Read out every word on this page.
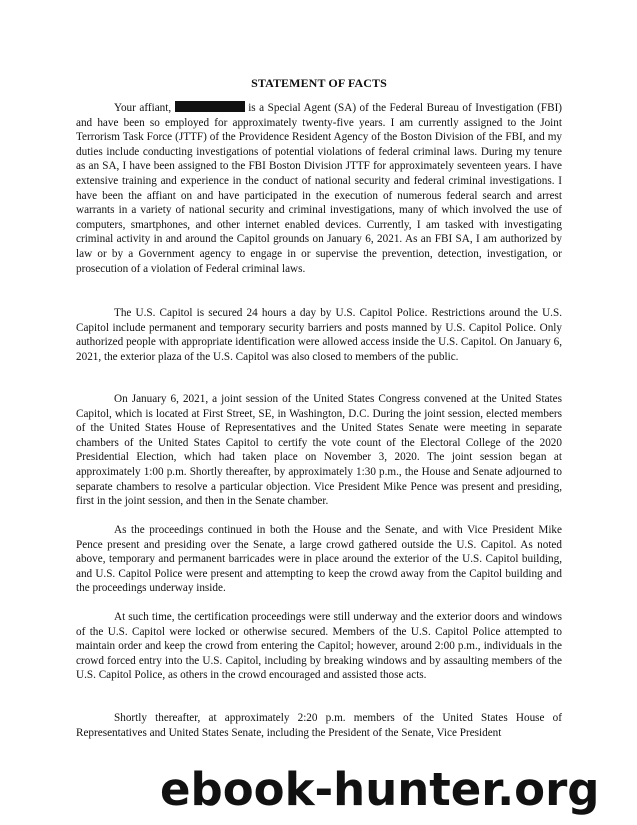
STATEMENT OF FACTS

Your affiant,	is a Special Agent (SA) of the Federal Bureau of Investigation (FBI) and have been so employed for approximately twenty-five years. I am currently assigned to the Joint Terrorism Task Force (JTTF) of the Providence Resident Agency of the Boston Division of the FBI, and my duties include conducting investigations of potential violations of federal criminal laws. During my tenure as an SA, I have been assigned to the FBI Boston Division JTTF for approximately seventeen years. I have extensive training and experience in the conduct of national security and federal criminal investigations. I have been the affiant on and have participated in the execution of numerous federal search and arrest warrants in a variety of national security and criminal investigations, many of which involved the use of computers, smartphones, and other internet enabled devices. Currently, I am tasked with investigating criminal activity in and around the Capitol grounds on January 6, 2021. As an FBI SA, I am authorized by law or by a Government agency to engage in or supervise the prevention, detection, investigation, or prosecution of a violation of Federal criminal laws.

The U.S. Capitol is secured 24 hours a day by U.S. Capitol Police. Restrictions around the U.S. Capitol include permanent and temporary security barriers and posts manned by U.S. Capitol Police. Only authorized people with appropriate identification were allowed access inside the U.S. Capitol. On January 6, 2021, the exterior plaza of the U.S. Capitol was also closed to members of the public.

On January 6, 2021, a joint session of the United States Congress convened at the United States Capitol, which is located at First Street, SE, in Washington, D.C. During the joint session, elected members of the United States House of Representatives and the United States Senate were meeting in separate chambers of the United States Capitol to certify the vote count of the Electoral College of the 2020 Presidential Election, which had taken place on November 3, 2020. The joint session began at approximately 1:00 p.m. Shortly thereafter, by approximately 1:30 p.m., the House and Senate adjourned to separate chambers to resolve a particular objection. Vice President Mike Pence was present and presiding, first in the joint session, and then in the Senate chamber.

As the proceedings continued in both the House and the Senate, and with Vice President Mike Pence present and presiding over the Senate, a large crowd gathered outside the U.S. Capitol. As noted above, temporary and permanent barricades were in place around the exterior of the U.S. Capitol building, and U.S. Capitol Police were present and attempting to keep the crowd away from the Capitol building and the proceedings underway inside.

At such time, the certification proceedings were still underway and the exterior doors and windows of the U.S. Capitol were locked or otherwise secured. Members of the U.S. Capitol Police attempted to maintain order and keep the crowd from entering the Capitol; however, around 2:00 p.m., individuals in the crowd forced entry into the U.S. Capitol, including by breaking windows and by assaulting members of the U.S. Capitol Police, as others in the crowd encouraged and assisted those acts.

Shortly thereafter, at approximately 2:20 p.m. members of the United States House of Representatives and United States Senate, including the President of the Senate, Vice President

ebook-hunter.org
